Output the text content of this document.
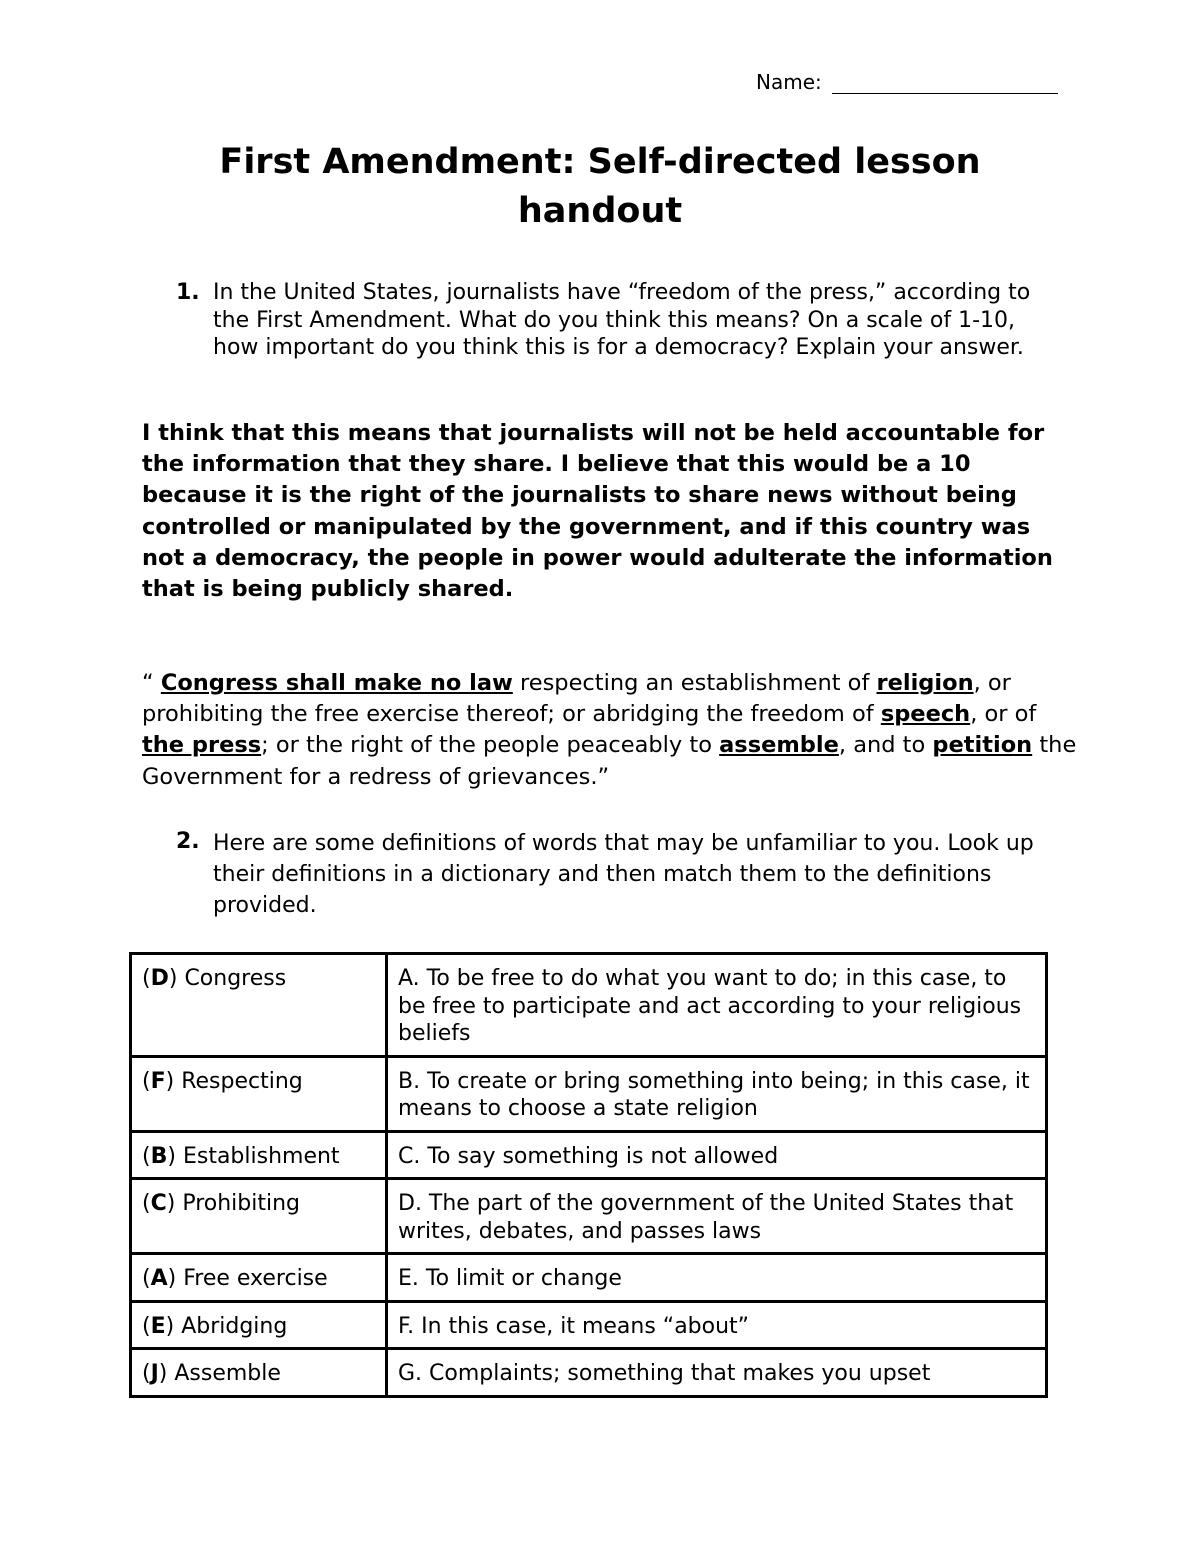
Name:
First Amendment: Self-directed lesson handout
1. In the United States, journalists have “freedom of the press,” according to the First Amendment. What do you think this means? On a scale of 1-10, how important do you think this is for a democracy? Explain your answer.
I think that this means that journalists will not be held accountable for the information that they share. I believe that this would be a 10 because it is the right of the journalists to share news without being controlled or manipulated by the government, and if this country was not a democracy, the people in power would adulterate the information that is being publicly shared.
“ Congress shall make no law respecting an establishment of religion, or prohibiting the free exercise thereof; or abridging the freedom of speech, or of the press; or the right of the people peaceably to assemble, and to petition the Government for a redress of grievances.”
2. Here are some definitions of words that may be unfamiliar to you. Look up their definitions in a dictionary and then match them to the definitions provided.
(D) Congress	A. To be free to do what you want to do; in this case, to be free to participate and act according to your religious beliefs
(F) Respecting	B. To create or bring something into being; in this case, it means to choose a state religion
(B) Establishment	C. To say something is not allowed
(C) Prohibiting	D. The part of the government of the United States that writes, debates, and passes laws
(A) Free exercise	E. To limit or change
(E) Abridging	F. In this case, it means “about”
(J) Assemble	G. Complaints; something that makes you upset
